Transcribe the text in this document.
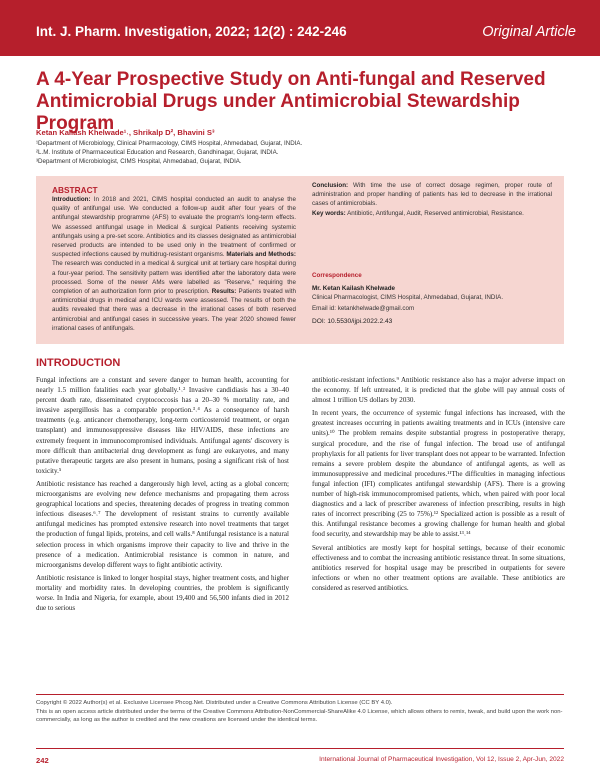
Int. J. Pharm. Investigation, 2022; 12(2) : 242-246	Original Article
A 4-Year Prospective Study on Anti-fungal and Reserved Antimicrobial Drugs under Antimicrobial Stewardship Program
Ketan Kailash Khelwade¹˒, Shrikalp D², Bhavini S³
¹Department of Microbiology, Clinical Pharmacology, CIMS Hospital, Ahmedabad, Gujarat, INDIA.
²L.M. Institute of Pharmaceutical Education and Research, Gandhinagar, Gujarat, INDIA.
³Department of Microbiologist, CIMS Hospital, Ahmedabad, Gujarat, INDIA.
ABSTRACT

Introduction: In 2018 and 2021, CIMS hospital conducted an audit to analyse the quality of antifungal use. We conducted a follow-up audit after four years of the antifungal stewardship programme (AFS) to evaluate the program's long-term effects. We assessed antifungal usage in Medical & surgical Patients receiving systemic antifungals using a pre-set score. Antibiotics and its classes designated as antimicrobial reserved products are intended to be used only in the treatment of confirmed or suspected infections caused by multidrug-resistant organisms. Materials and Methods: The research was conducted in a medical & surgical unit at tertiary care hospital during a four-year period. The sensitivity pattern was identified after the laboratory data were processed. Some of the newer AMs were labelled as "Reserve," requiring the completion of an authorization form prior to prescription. Results: Patients treated with antimicrobial drugs in medical and ICU wards were assessed. The results of both the audits revealed that there was a decrease in the irrational cases of both reserved antimicrobial and antifungal cases in successive years. The year 2020 showed fewer irrational cases of antifungals.

Conclusion: With time the use of correct dosage regimen, proper route of administration and proper handling of patients has led to decrease in the irrational cases of antimicrobials.
Key words: Antibiotic, Antifungal, Audit, Reserved antimicrobial, Resistance.

Correspondence
Mr. Ketan Kailash Khelwade
Clinical Pharmacologist, CIMS Hospital, Ahmedabad, Gujarat, INDIA.
Email id: ketankhelwade@gmail.com
DOI: 10.5530/ijpi.2022.2.43
INTRODUCTION

Fungal infections are a constant and severe danger to human health, accounting for nearly 1.5 million fatalities each year globally.¹˒² Invasive candidiasis has a 30–40 percent death rate, disseminated cryptococcosis has a 20–30 % mortality rate, and invasive aspergillosis has a comparable proportion.³˒⁴ As a consequence of harsh treatments (e.g. anticancer chemotherapy, long-term corticosteroid treatment, or organ transplant) and immunosuppressive diseases like HIV/AIDS, these infections are extremely frequent in immunocompromised individuals. Antifungal agents' discovery is more difficult than antibacterial drug development as fungi are eukaryotes, and many putative therapeutic targets are also present in humans, posing a significant risk of host toxicity.⁵

Antibiotic resistance has reached a dangerously high level, acting as a global concern; microorganisms are evolving new defence mechanisms and propagating them across geographical locations and species, threatening decades of progress in treating common infectious diseases.⁶˒⁷ The development of resistant strains to currently available antifungal medicines has prompted extensive research into novel treatments that target the production of fungal lipids, proteins, and cell walls.⁸ Antifungal resistance is a natural selection process in which organisms improve their capacity to live and thrive in the presence of a medication. Antimicrobial resistance is common in nature, and microorganisms develop different ways to fight antibiotic activity.

Antibiotic resistance is linked to longer hospital stays, higher treatment costs, and higher mortality and morbidity rates. In developing countries, the problem is significantly worse. In India and Nigeria, for example, about 19,400 and 56,500 infants died in 2012 due to serious

antibiotic-resistant infections.⁹ Antibiotic resistance also has a major adverse impact on the economy. If left untreated, it is predicted that the globe will pay annual costs of almost 1 trillion US dollars by 2030.

In recent years, the occurrence of systemic fungal infections has increased, with the greatest increases occurring in patients awaiting treatments and in ICUs (intensive care units).¹⁰ The problem remains despite substantial progress in postoperative therapy, surgical procedure, and the rise of fungal infection. The broad use of antifungal prophylaxis for all patients for liver transplant does not appear to be warranted. Infection remains a severe problem despite the abundance of antifungal agents, as well as immunosuppressive and medicinal procedures.¹¹The difficulties in managing infectious fungal infection (IFI) complicates antifungal stewardship (AFS). There is a growing number of high-risk immunocompromised patients, which, when paired with poor local diagnostics and a lack of prescriber awareness of infection prescribing, results in high rates of incorrect prescribing (25 to 75%).¹² Specialized action is possible as a result of this. Antifungal resistance becomes a growing challenge for human health and global food security, and stewardship may be able to assist.¹³˒¹⁴

Several antibiotics are mostly kept for hospital settings, because of their economic effectiveness and to combat the increasing antibiotic resistance threat. In some situations, antibiotics reserved for hospital usage may be prescribed in outpatients for severe infections or when no other treatment options are available. These antibiotics are considered as reserved antibiotics.

Copyright © 2022 Author(s) et al. Exclusive Licensee Phcog.Net. Distributed under a Creative Commons Attribution License (CC BY 4.0).
This is an open access article distributed under the terms of the Creative Commons Attribution-NonCommercial-ShareAlike 4.0 License, which allows others to remix, tweak, and build upon the work non-commercially, as long as the author is credited and the new creations are licensed under the identical terms.

242	International Journal of Pharmaceutical Investigation, Vol 12, Issue 2, Apr-Jun, 2022
